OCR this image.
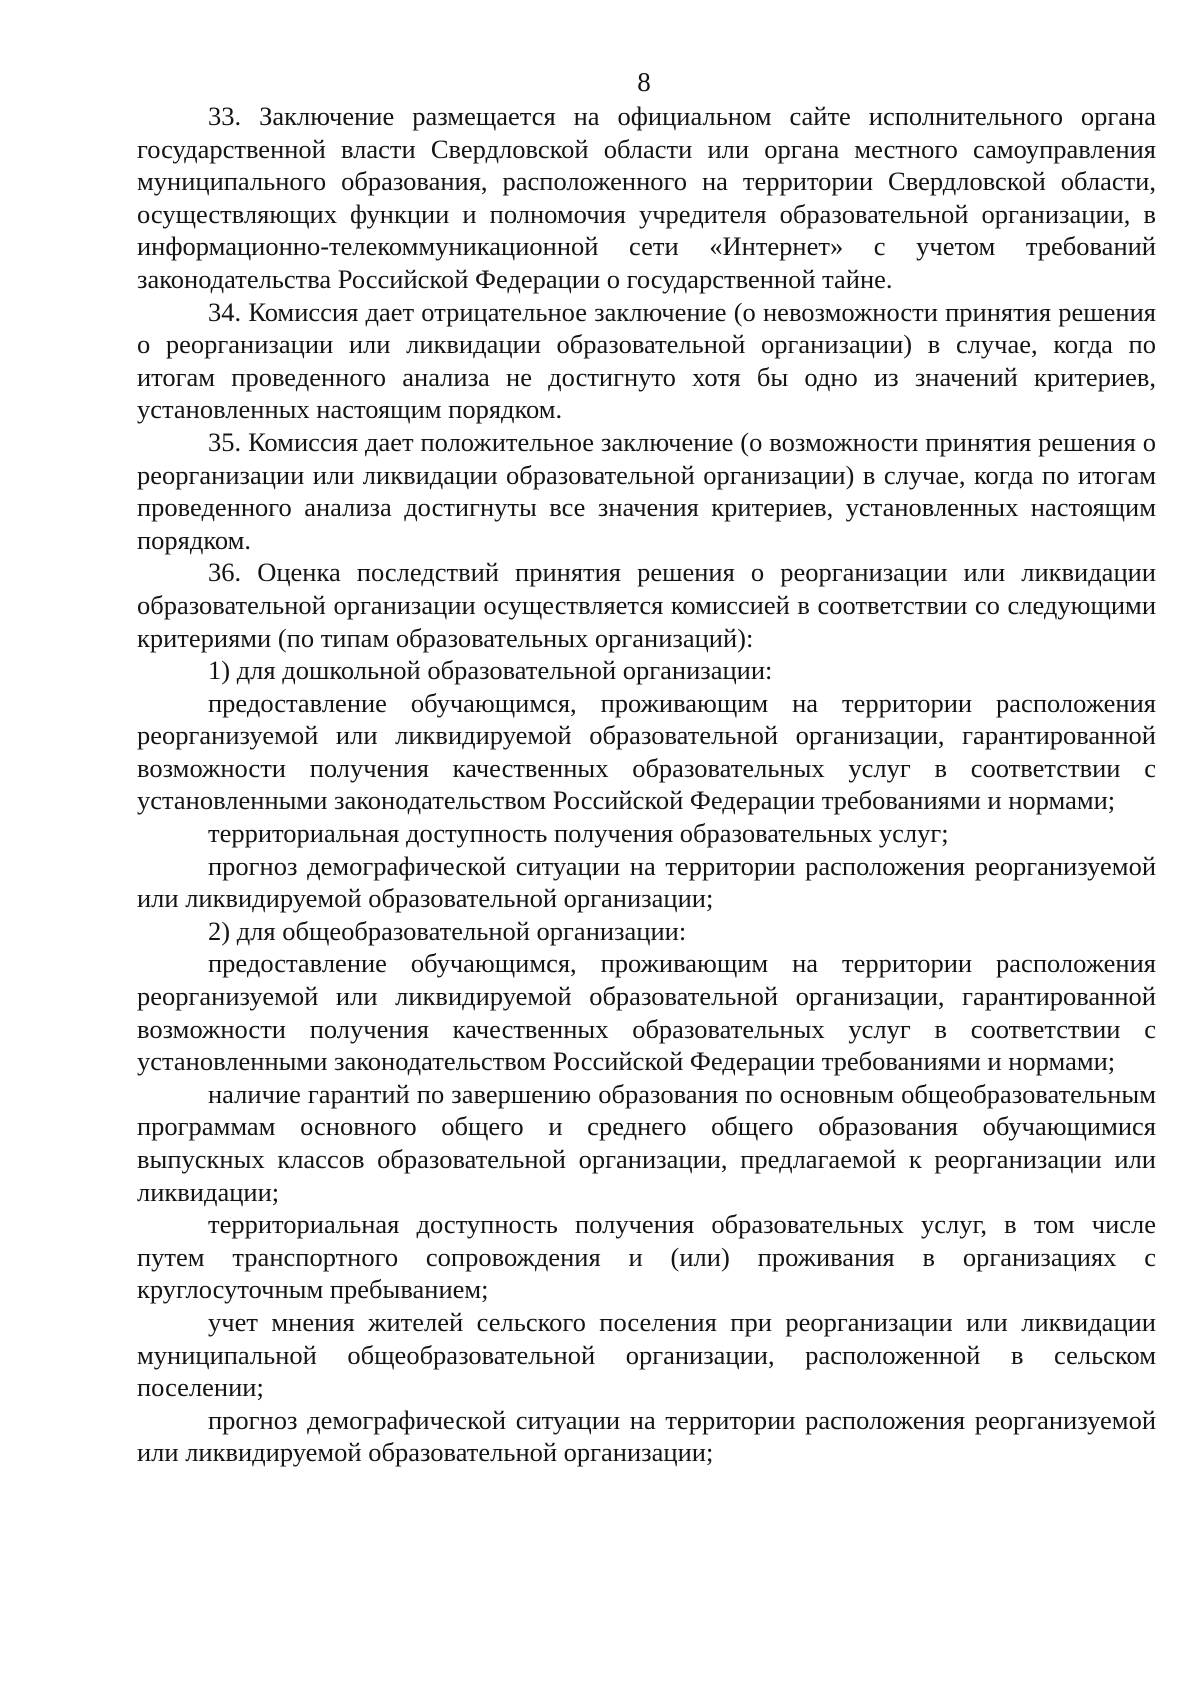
8

33. Заключение размещается на официальном сайте исполнительного органа государственной власти Свердловской области или органа местного самоуправления муниципального образования, расположенного на территории Свердловской области, осуществляющих функции и полномочия учредителя образовательной организации, в информационно-телекоммуникационной сети «Интернет» с учетом требований законодательства Российской Федерации о государственной тайне.

34. Комиссия дает отрицательное заключение (о невозможности принятия решения о реорганизации или ликвидации образовательной организации) в случае, когда по итогам проведенного анализа не достигнуто хотя бы одно из значений критериев, установленных настоящим порядком.

35. Комиссия дает положительное заключение (о возможности принятия решения о реорганизации или ликвидации образовательной организации) в случае, когда по итогам проведенного анализа достигнуты все значения критериев, установленных настоящим порядком.

36. Оценка последствий принятия решения о реорганизации или ликвидации образовательной организации осуществляется комиссией в соответствии со следующими критериями (по типам образовательных организаций):

1) для дошкольной образовательной организации:

предоставление обучающимся, проживающим на территории расположения реорганизуемой или ликвидируемой образовательной организации, гарантированной возможности получения качественных образовательных услуг в соответствии с установленными законодательством Российской Федерации требованиями и нормами;

территориальная доступность получения образовательных услуг;

прогноз демографической ситуации на территории расположения реорганизуемой или ликвидируемой образовательной организации;

2) для общеобразовательной организации:

предоставление обучающимся, проживающим на территории расположения реорганизуемой или ликвидируемой образовательной организации, гарантированной возможности получения качественных образовательных услуг в соответствии с установленными законодательством Российской Федерации требованиями и нормами;

наличие гарантий по завершению образования по основным общеобразовательным программам основного общего и среднего общего образования обучающимися выпускных классов образовательной организации, предлагаемой к реорганизации или ликвидации;

территориальная доступность получения образовательных услуг, в том числе путем транспортного сопровождения и (или) проживания в организациях с круглосуточным пребыванием;

учет мнения жителей сельского поселения при реорганизации или ликвидации муниципальной общеобразовательной организации, расположенной в сельском поселении;

прогноз демографической ситуации на территории расположения реорганизуемой или ликвидируемой образовательной организации;
